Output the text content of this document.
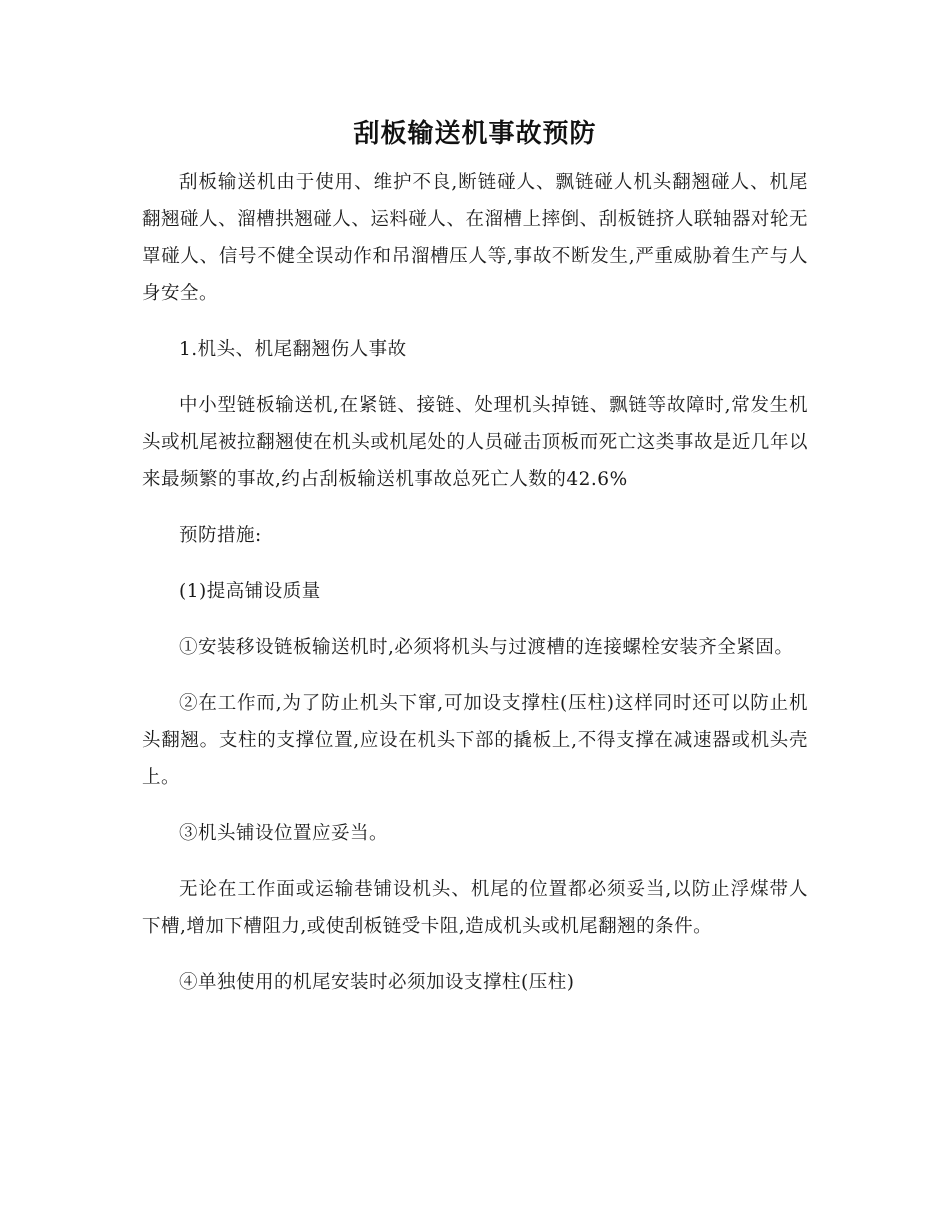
刮板输送机事故预防

刮板输送机由于使用、维护不良,断链碰人、飘链碰人机头翻翘碰人、机尾翻翘碰人、溜槽拱翘碰人、运料碰人、在溜槽上摔倒、刮板链挤人联轴器对轮无罩碰人、信号不健全误动作和吊溜槽压人等,事故不断发生,严重威胁着生产与人身安全。

1.机头、机尾翻翘伤人事故

中小型链板输送机,在紧链、接链、处理机头掉链、飘链等故障时,常发生机头或机尾被拉翻翘使在机头或机尾处的人员碰击顶板而死亡这类事故是近几年以来最频繁的事故,约占刮板输送机事故总死亡人数的42.6%

预防措施:

(1)提高铺设质量

①安装移设链板输送机时,必须将机头与过渡槽的连接螺栓安装齐全紧固。

②在工作而,为了防止机头下窜,可加设支撑柱(压柱)这样同时还可以防止机头翻翘。支柱的支撑位置,应设在机头下部的撬板上,不得支撑在减速器或机头壳上。

③机头铺设位置应妥当。

无论在工作面或运输巷铺设机头、机尾的位置都必须妥当,以防止浮煤带人下槽,增加下槽阻力,或使刮板链受卡阻,造成机头或机尾翻翘的条件。

④单独使用的机尾安装时必须加设支撑柱(压柱)
